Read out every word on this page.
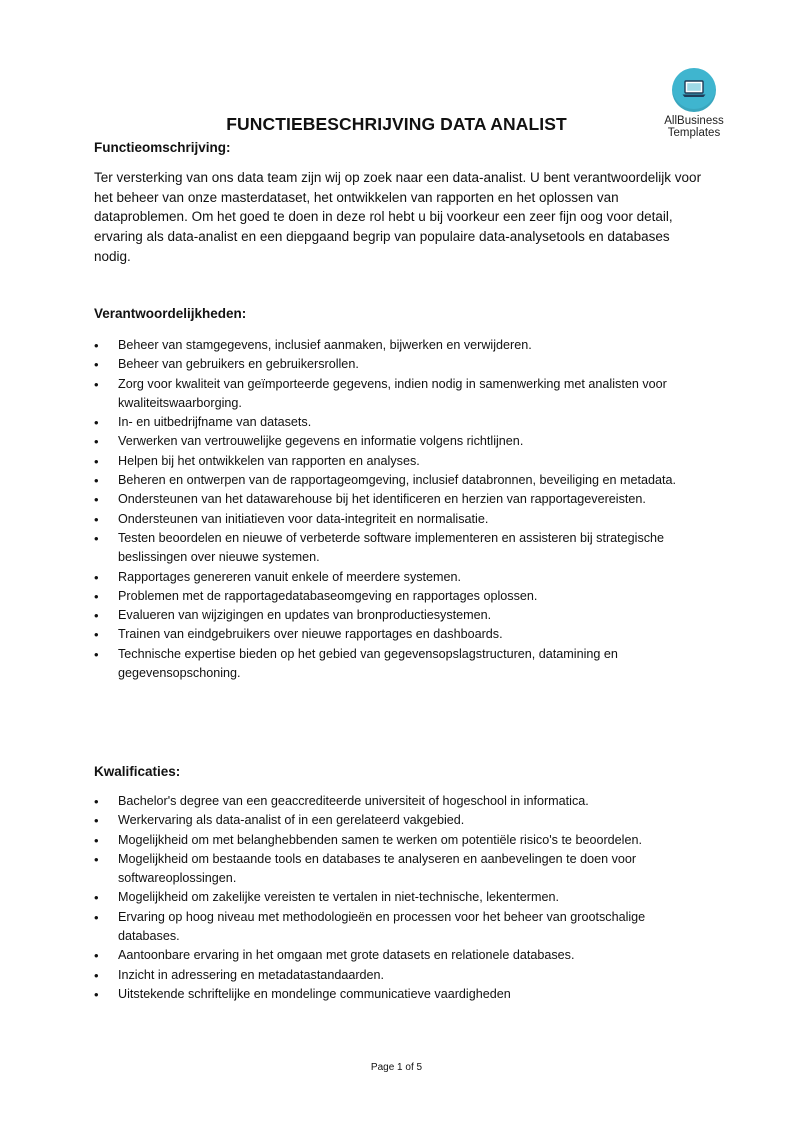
AllBusiness
Templates
FUNCTIEBESCHRIJVING DATA ANALIST
Functieomschrijving:
Ter versterking van ons data team zijn wij op zoek naar een data-analist. U bent verantwoordelijk voor het beheer van onze masterdataset, het ontwikkelen van rapporten en het oplossen van dataproblemen. Om het goed te doen in deze rol hebt u bij voorkeur een zeer fijn oog voor detail, ervaring als data-analist en een diepgaand begrip van populaire data-analysetools en databases nodig.
Verantwoordelijkheden:
• Beheer van stamgegevens, inclusief aanmaken, bijwerken en verwijderen.
• Beheer van gebruikers en gebruikersrollen.
• Zorg voor kwaliteit van geïmporteerde gegevens, indien nodig in samenwerking met analisten voor kwaliteitswaarborging.
• In- en uitbedrijfname van datasets.
• Verwerken van vertrouwelijke gegevens en informatie volgens richtlijnen.
• Helpen bij het ontwikkelen van rapporten en analyses.
• Beheren en ontwerpen van de rapportageomgeving, inclusief databronnen, beveiliging en metadata.
• Ondersteunen van het datawarehouse bij het identificeren en herzien van rapportagevereisten.
• Ondersteunen van initiatieven voor data-integriteit en normalisatie.
• Testen beoordelen en nieuwe of verbeterde software implementeren en assisteren bij strategische beslissingen over nieuwe systemen.
• Rapportages genereren vanuit enkele of meerdere systemen.
• Problemen met de rapportagedatabaseomgeving en rapportages oplossen.
• Evalueren van wijzigingen en updates van bronproductiesystemen.
• Trainen van eindgebruikers over nieuwe rapportages en dashboards.
• Technische expertise bieden op het gebied van gegevensopslagstructuren, datamining en gegevensopschoning.
Kwalificaties:
• Bachelor's degree van een geaccrediteerde universiteit of hogeschool in informatica.
• Werkervaring als data-analist of in een gerelateerd vakgebied.
• Mogelijkheid om met belanghebbenden samen te werken om potentiële risico's te beoordelen.
• Mogelijkheid om bestaande tools en databases te analyseren en aanbevelingen te doen voor softwareoplossingen.
• Mogelijkheid om zakelijke vereisten te vertalen in niet-technische, lekentermen.
• Ervaring op hoog niveau met methodologieën en processen voor het beheer van grootschalige databases.
• Aantoonbare ervaring in het omgaan met grote datasets en relationele databases.
• Inzicht in adressering en metadatastandaarden.
• Uitstekende schriftelijke en mondelinge communicatieve vaardigheden
Page 1 of 5
